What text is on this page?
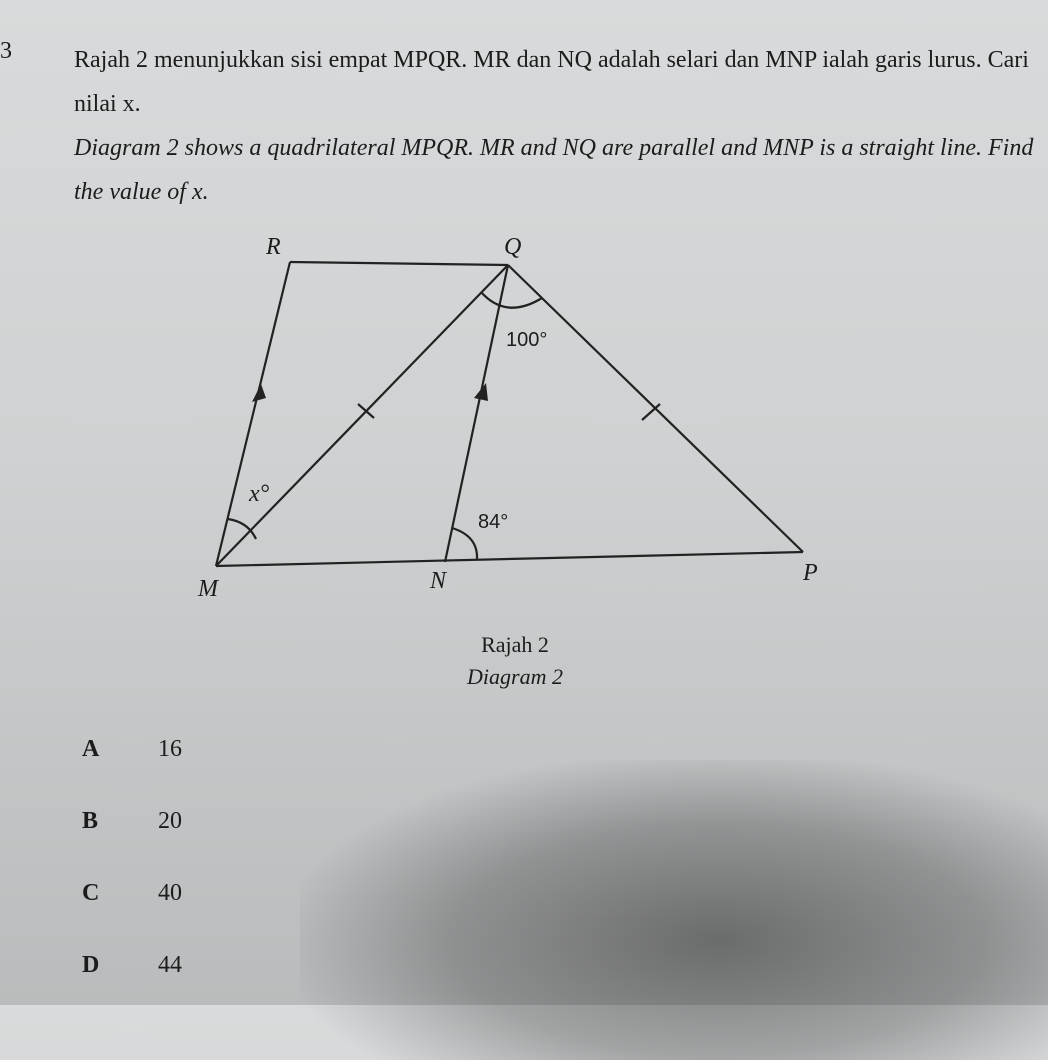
3	Rajah 2 menunjukkan sisi empat MPQR. MR dan NQ adalah selari dan MNP ialah garis lurus. Cari nilai x.
Diagram 2 shows a quadrilateral MPQR. MR and NQ are parallel and MNP is a straight line. Find the value of x.
R	Q
M	N	P
x°
100°
84°
Rajah 2
Diagram 2
A 16
B 20
C 40
D 44
